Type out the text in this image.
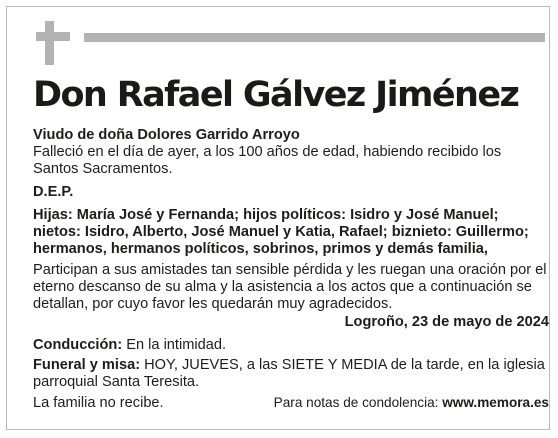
Don Rafael Gálvez Jiménez

Viudo de doña Dolores Garrido Arroyo

Falleció en el día de ayer, a los 100 años de edad, habiendo recibido los Santos Sacramentos.

D.E.P.

Hijas: María José y Fernanda; hijos políticos: Isidro y José Manuel; nietos: Isidro, Alberto, José Manuel y Katia, Rafael; biznieto: Guillermo; hermanos, hermanos políticos, sobrinos, primos y demás familia,

Participan a sus amistades tan sensible pérdida y les ruegan una oración por el eterno descanso de su alma y la asistencia a los actos que a continuación se detallan, por cuyo favor les quedarán muy agradecidos.

Logroño, 23 de mayo de 2024

Conducción: En la intimidad.

Funeral y misa: HOY, JUEVES, a las SIETE Y MEDIA de la tarde, en la iglesia parroquial Santa Teresita.

La familia no recibe.	Para notas de condolencia: www.memora.es
